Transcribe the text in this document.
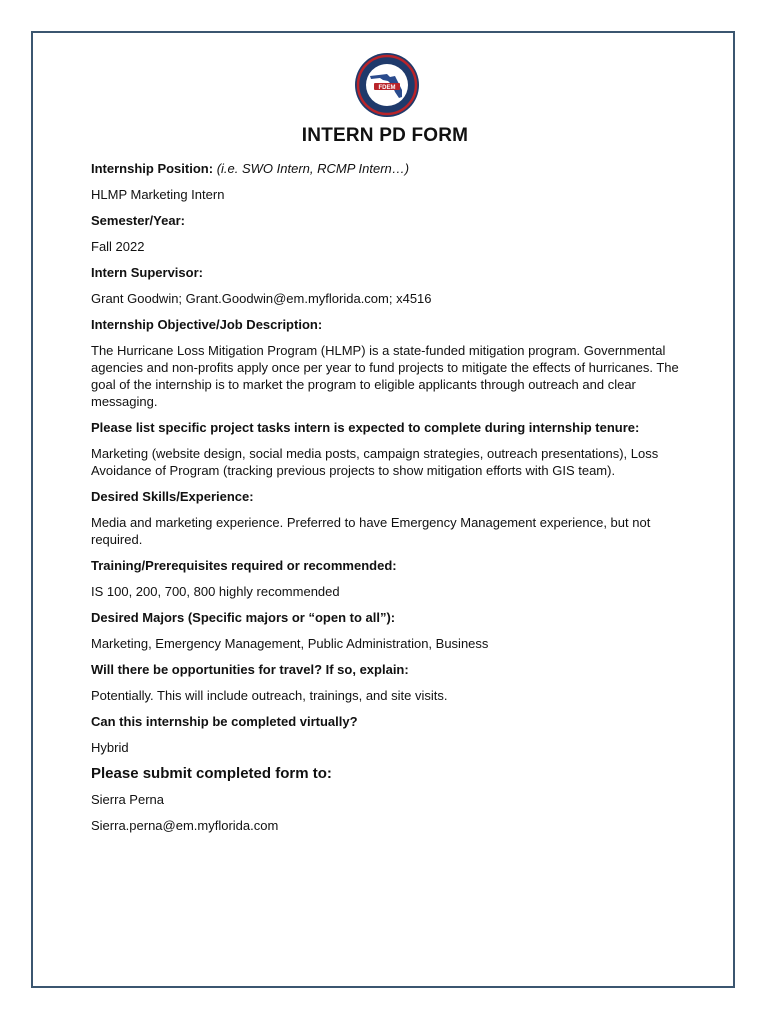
FDEM
INTERN PD FORM
Internship Position: (i.e. SWO Intern, RCMP Intern…)
HLMP Marketing Intern
Semester/Year:
Fall 2022
Intern Supervisor:
Grant Goodwin; Grant.Goodwin@em.myflorida.com; x4516
Internship Objective/Job Description:
The Hurricane Loss Mitigation Program (HLMP) is a state-funded mitigation program. Governmental agencies and non-profits apply once per year to fund projects to mitigate the effects of hurricanes. The goal of the internship is to market the program to eligible applicants through outreach and clear messaging.
Please list specific project tasks intern is expected to complete during internship tenure:
Marketing (website design, social media posts, campaign strategies, outreach presentations), Loss Avoidance of Program (tracking previous projects to show mitigation efforts with GIS team).
Desired Skills/Experience:
Media and marketing experience. Preferred to have Emergency Management experience, but not required.
Training/Prerequisites required or recommended:
IS 100, 200, 700, 800 highly recommended
Desired Majors (Specific majors or “open to all”):
Marketing, Emergency Management, Public Administration, Business
Will there be opportunities for travel? If so, explain:
Potentially. This will include outreach, trainings, and site visits.
Can this internship be completed virtually?
Hybrid
Please submit completed form to:
Sierra Perna
Sierra.perna@em.myflorida.com
